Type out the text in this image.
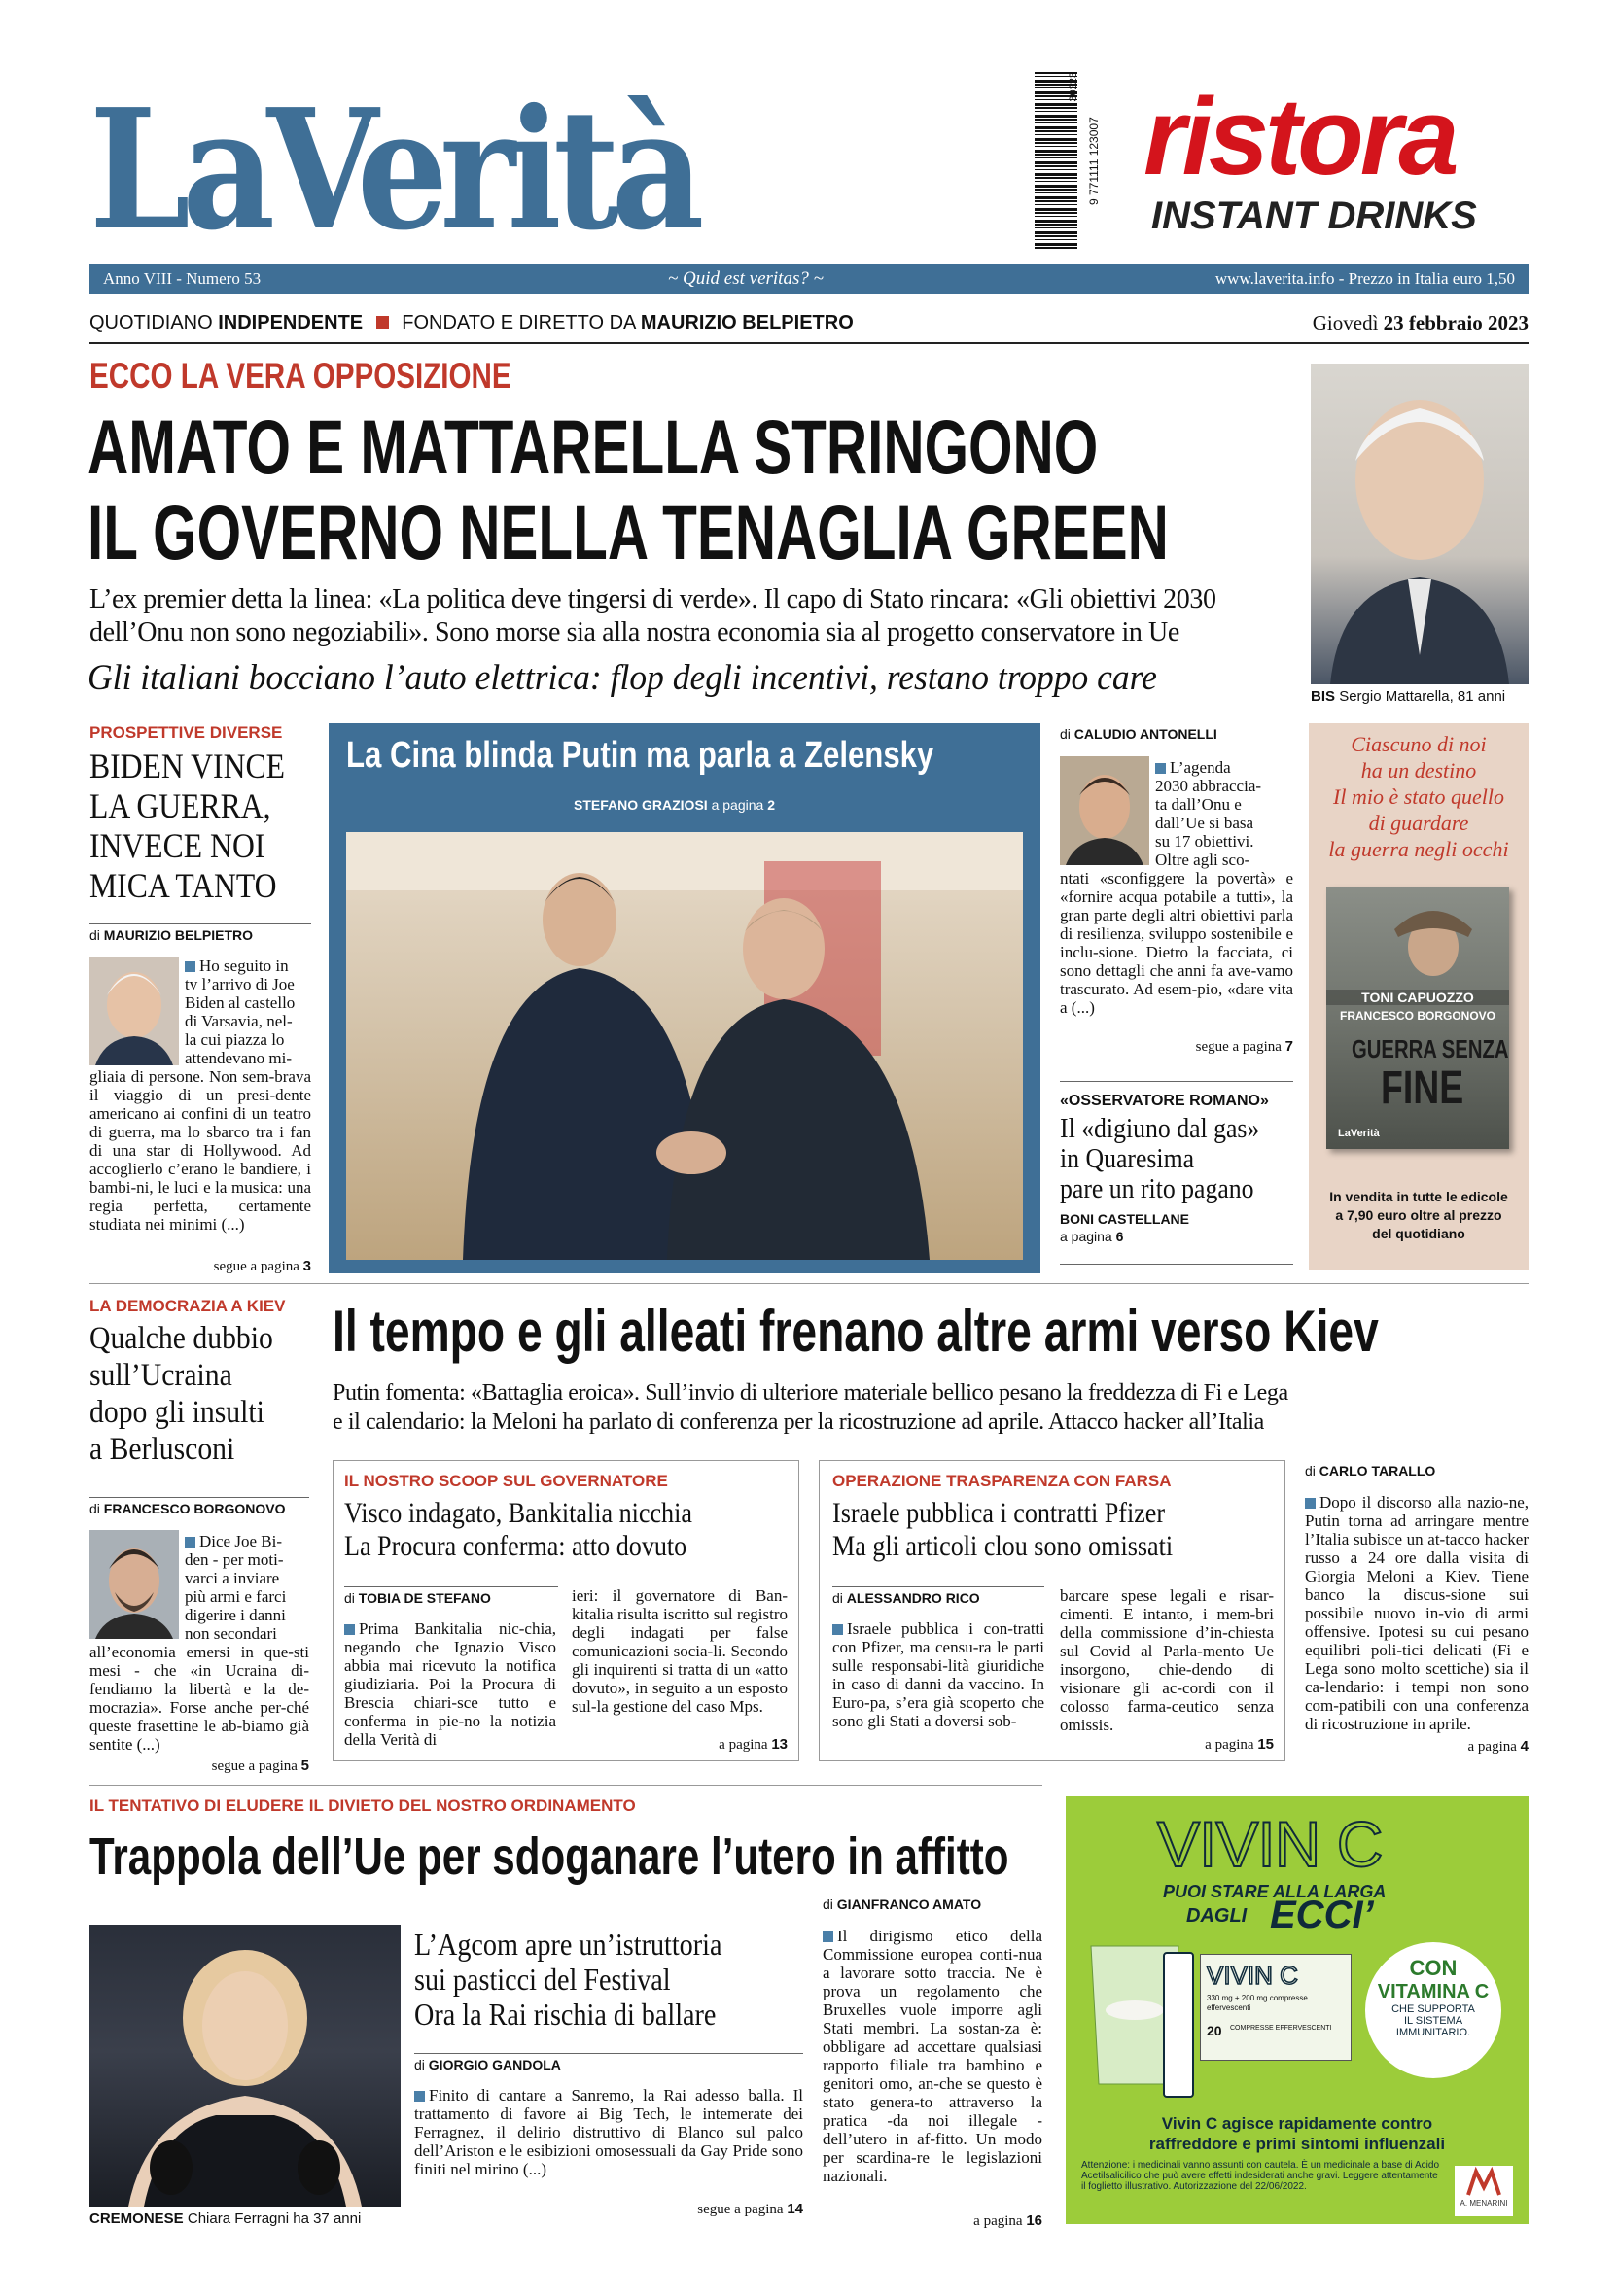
LaVerità	9 771111 123007
30223 ristora
INSTANT DRINKS
Anno VIII - Numero 53	~ Quid est veritas? ~	www.laverita.info - Prezzo in Italia euro 1,50
QUOTIDIANO INDIPENDENTE FONDATO E DIRETTO DA MAURIZIO BELPIETRO	Giovedì 23 febbraio 2023
ECCO LA VERA OPPOSIZIONE
AMATO E MATTARELLA STRINGONO
IL GOVERNO NELLA TENAGLIA GREEN
L’ex premier detta la linea: «La politica deve tingersi di verde». Il capo di Stato rincara: «Gli obiettivi 2030
dell’Onu non sono negoziabili». Sono morse sia alla nostra economia sia al progetto conservatore in Ue
Gli italiani bocciano l’auto elettrica: flop degli incentivi, restano troppo care	BIS Sergio Mattarella, 81 anni
PROSPETTIVE DIVERSE
BIDEN VINCE
LA GUERRA,
INVECE NOI
MICA TANTO
di MAURIZIO BELPIETRO
Ho seguito in
tv l’arrivo di Joe
Biden al castello
di Varsavia, nel-
la cui piazza lo
attendevano mi-
gliaia di persone. Non sem-brava il viaggio di un presi-dente americano ai confini di un teatro di guerra, ma lo sbarco tra i fan di una star di Hollywood. Ad accoglierlo c’erano le bandiere, i bambi-ni, le luci e la musica: una regia perfetta, certamente studiata nei minimi (...)
segue a pagina 3
La Cina blinda Putin ma parla a Zelensky
STEFANO GRAZIOSI a pagina 2
di CALUDIO ANTONELLI
L’agenda
2030 abbraccia-
ta dall’Onu e
dall’Ue si basa
su 17 obiettivi.
Oltre agli sco-
ntati «sconfiggere la povertà» e «fornire acqua potabile a tutti», la gran parte degli altri obiettivi parla di resilienza, sviluppo sostenibile e inclu-sione. Dietro la facciata, ci sono dettagli che anni fa ave-vamo trascurato. Ad esem-pio, «dare vita a (...)
segue a pagina 7
«OSSERVATORE ROMANO»
Il «digiuno dal gas»
in Quaresima
pare un rito pagano
BONI CASTELLANE
a pagina 6
Ciascuno di noi
ha un destino
Il mio è stato quello
di guardare
la guerra negli occhi
TONI CAPUOZZO
FRANCESCO BORGONOVO
GUERRA SENZA
FINE
LaVerità
In vendita in tutte le edicole
a 7,90 euro oltre al prezzo
del quotidiano
LA DEMOCRAZIA A KIEV
Qualche dubbio
sull’Ucraina
dopo gli insulti
a Berlusconi
di FRANCESCO BORGONOVO
Dice Joe Bi-
den - per moti-
varci a inviare
più armi e farci
digerire i danni
non secondari
all’economia emersi in que-sti mesi - che «in Ucraina di-fendiamo la libertà e la de-mocrazia». Forse anche per-ché queste frasettine le ab-biamo già sentite (...)
segue a pagina 5
Il tempo e gli alleati frenano altre armi verso Kiev
Putin fomenta: «Battaglia eroica». Sull’invio di ulteriore materiale bellico pesano la freddezza di Fi e Lega
e il calendario: la Meloni ha parlato di conferenza per la ricostruzione ad aprile. Attacco hacker all’Italia
IL NOSTRO SCOOP SUL GOVERNATORE
Visco indagato, Bankitalia nicchia
La Procura conferma: atto dovuto
di TOBIA DE STEFANO
Prima Bankitalia nic-chia, negando che Ignazio Visco abbia mai ricevuto la notifica giudiziaria. Poi la Procura di Brescia chiari-sce tutto e conferma in pie-no la notizia della Verità di
ieri: il governatore di Ban-kitalia risulta iscritto sul registro degli indagati per false comunicazioni socia-li. Secondo gli inquirenti si tratta di un «atto dovuto», in seguito a un esposto sul-la gestione del caso Mps.
a pagina 13
OPERAZIONE TRASPARENZA CON FARSA
Israele pubblica i contratti Pfizer
Ma gli articoli clou sono omissati
di ALESSANDRO RICO
Israele pubblica i con-tratti con Pfizer, ma censu-ra le parti sulle responsabi-lità giuridiche in caso di danni da vaccino. In Euro-pa, s’era già scoperto che sono gli Stati a doversi sob-
barcare spese legali e risar-cimenti. E intanto, i mem-bri della commissione d’in-chiesta sul Covid al Parla-mento Ue insorgono, chie-dendo di visionare gli ac-cordi con il colosso farma-ceutico senza omissis.
a pagina 15
di CARLO TARALLO
Dopo il discorso alla nazio-ne, Putin torna ad arringare mentre l’Italia subisce un at-tacco hacker russo a 24 ore dalla visita di Giorgia Meloni a Kiev. Tiene banco la discus-sione sui possibile nuovo in-vio di armi offensive. Ipotesi su cui pesano equilibri poli-tici delicati (Fi e Lega sono molto scettiche) sia il ca-lendario: i tempi non sono com-patibili con una conferenza di ricostruzione in aprile.
a pagina 4
IL TENTATIVO DI ELUDERE IL DIVIETO DEL NOSTRO ORDINAMENTO
Trappola dell’Ue per sdoganare l’utero in affitto
CREMONESE Chiara Ferragni ha 37 anni
L’Agcom apre un’istruttoria
sui pasticci del Festival
Ora la Rai rischia di ballare
di GIORGIO GANDOLA
Finito di cantare a Sanremo, la Rai adesso balla. Il trattamento di favore ai Big Tech, le intemerate dei Ferragnez, il delirio distruttivo di Blanco sul palco dell’Ariston e le esibizioni omosessuali da Gay Pride sono finiti nel mirino (...)
segue a pagina 14
di GIANFRANCO AMATO
Il dirigismo etico della Commissione europea conti-nua a lavorare sotto traccia. Ne è prova un regolamento che Bruxelles vuole imporre agli Stati membri. La sostan-za è: obbligare ad accettare qualsiasi rapporto filiale tra bambino e genitori omo, an-che se questo è stato genera-to attraverso la pratica -da noi illegale - dell’utero in af-fitto. Un modo per scardina-re le legislazioni nazionali.
a pagina 16
VIVIN C
PUOI STARE ALLA LARGA
DAGLI ECCI’
VIVIN C
330 mg + 200 mg compresse effervescenti
20 COMPRESSE EFFERVESCENTI
CON
VITAMINA C
CHE SUPPORTA
IL SISTEMA
IMMUNITARIO.
Vivin C agisce rapidamente contro
raffreddore e primi sintomi influenzali
Attenzione: i medicinali vanno assunti con cautela. È un medicinale a base di Acido Acetilsalicilico che può avere effetti indesiderati anche gravi. Leggere attentamente il foglietto illustrativo. Autorizzazione del 22/06/2022.
A. MENARINI
